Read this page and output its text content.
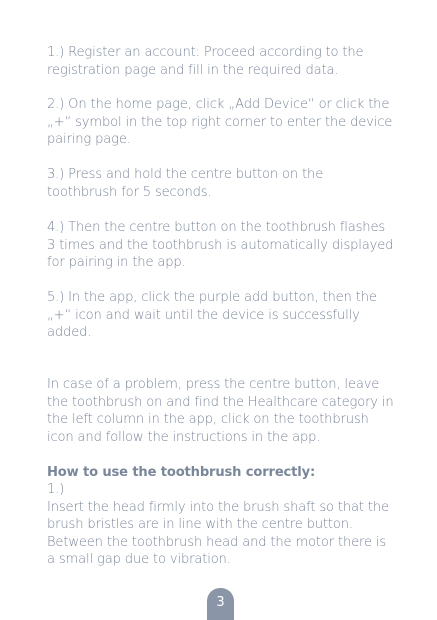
1.) Register an account: Proceed according to the registration page and fill in the required data.

2.) On the home page, click „Add Device“ or click the „+“ symbol in the top right corner to enter the device pairing page.

3.) Press and hold the centre button on the toothbrush for 5 seconds.

4.) Then the centre button on the toothbrush flashes 3 times and the toothbrush is automatically displayed for pairing in the app.

5.) In the app, click the purple add button, then the „+“ icon and wait until the device is successfully added.

In case of a problem, press the centre button, leave the toothbrush on and find the Healthcare category in the left column in the app, click on the toothbrush icon and follow the instructions in the app.

How to use the toothbrush correctly:

1.)

Insert the head firmly into the brush shaft so that the brush bristles are in line with the centre button. Between the toothbrush head and the motor there is a small gap due to vibration.

3
